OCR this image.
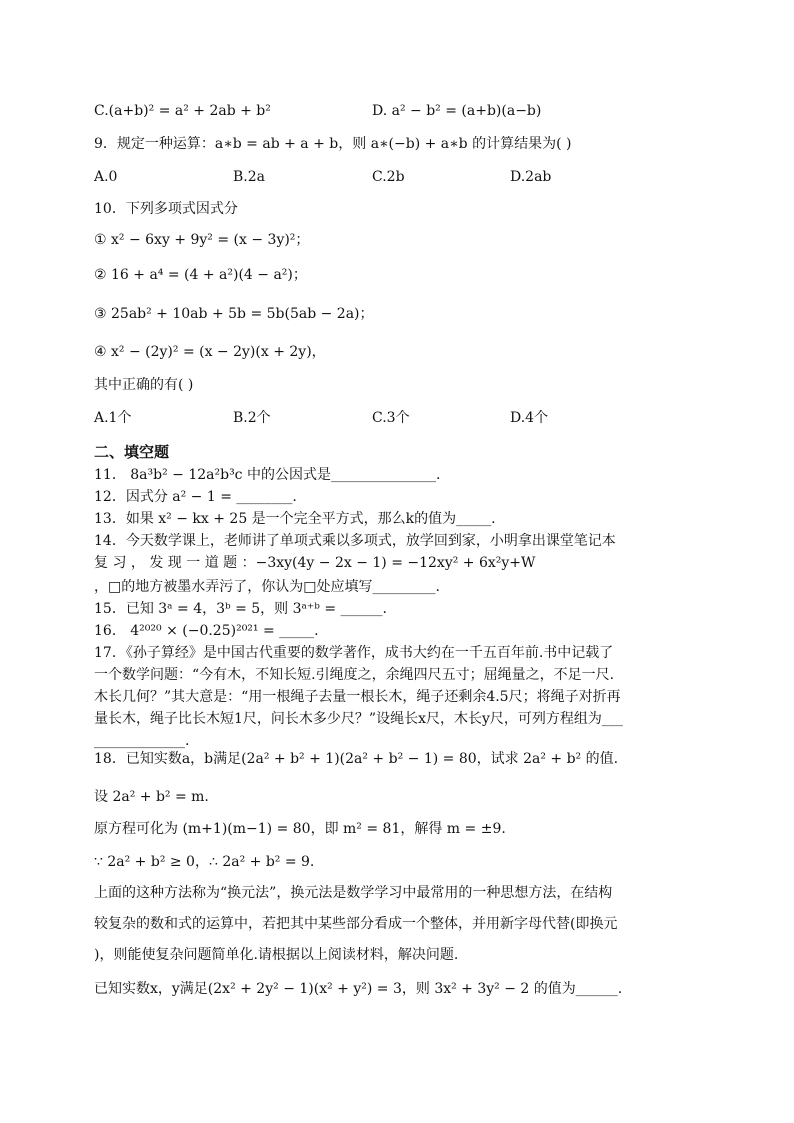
C.(a+b)² = a² + 2ab + b²	D. a² − b² = (a+b)(a−b)
9．规定一种运算：a∗b = ab + a + b，则 a∗(−b) + a∗b 的计算结果为( )
A.0	B.2a	C.2b	D.2ab
10．下列多项式因式分
① x² − 6xy + 9y² = (x − 3y)²；
② 16 + a⁴ = (4 + a²)(4 − a²)；
③ 25ab² + 10ab + 5b = 5b(5ab − 2a)；
④ x² − (2y)² = (x − 2y)(x + 2y)，
其中正确的有( )
A.1个	B.2个	C.3个	D.4个
二、填空题
11． 8a³b² − 12a²b³c 中的公因式是_______________.
12．因式分 a² − 1 = ________.
13．如果 x² − kx + 25 是一个完全平方式，那么k的值为_____.
14．今天数学课上，老师讲了单项式乘以多项式，放学回到家，小明拿出课堂笔记本
复 习 ， 发 现 一 道 题 ：−3xy(4y − 2x − 1) = −12xy² + 6x²y+W
，□的地方被墨水弄污了，你认为□处应填写_________.
15．已知 3ᵃ = 4，3ᵇ = 5，则 3ᵃ⁺ᵇ = ______.
16． 4²⁰²⁰ × (−0.25)²⁰²¹ = _____.
17．《孙子算经》是中国古代重要的数学著作，成书大约在一千五百年前.书中记载了
一个数学问题：“今有木，不知长短.引绳度之，余绳四尺五寸；屈绳量之，不足一尺.
木长几何？”其大意是：“用一根绳子去量一根长木，绳子还剩余4.5尺；将绳子对折再
量长木，绳子比长木短1尺，问长木多少尺？”设绳长x尺，木长y尺，可列方程组为___
_____________.
18．已知实数a，b满足(2a² + b² + 1)(2a² + b² − 1) = 80，试求 2a² + b² 的值.
设 2a² + b² = m.
原方程可化为 (m+1)(m−1) = 80，即 m² = 81，解得 m = ±9.
∵ 2a² + b² ≥ 0，∴ 2a² + b² = 9.
上面的这种方法称为“换元法”，换元法是数学学习中最常用的一种思想方法，在结构
较复杂的数和式的运算中，若把其中某些部分看成一个整体，并用新字母代替(即换元
)，则能使复杂问题简单化.请根据以上阅读材料，解决问题.
已知实数x，y满足(2x² + 2y² − 1)(x² + y²) = 3，则 3x² + 3y² − 2 的值为______.
